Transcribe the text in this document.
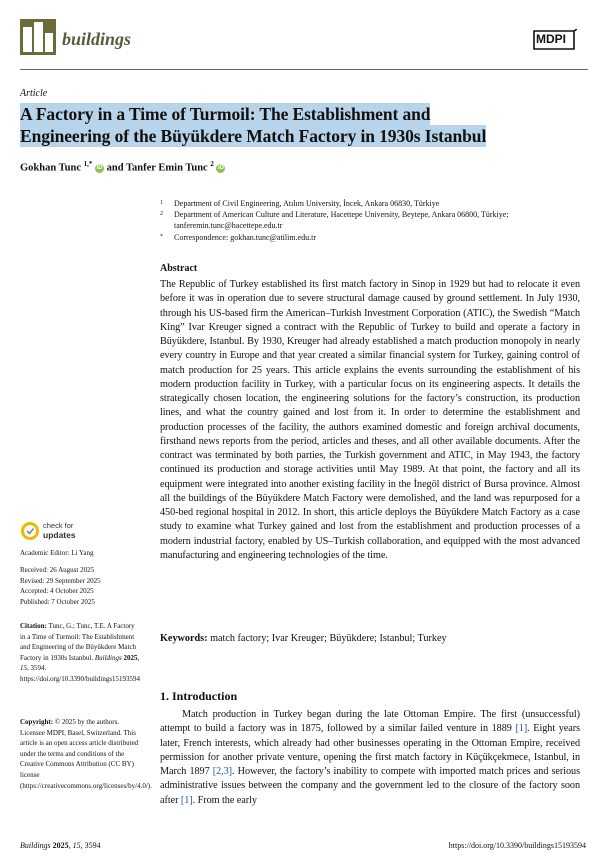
buildings	MDPI
Article
A Factory in a Time of Turmoil: The Establishment and
Engineering of the Büyükdere Match Factory in 1930s Istanbul
Gokhan Tunc $^{1,*}$ iD and Tanfer Emin Tunc $^2$ iD
1 Department of Civil Engineering, Atılım University, İncek, Ankara 06830, Türkiye
2 Department of American Culture and Literature, Hacettepe University, Beytepe, Ankara 06800, Türkiye; tanferemin.tunc@hacettepe.edu.tr
* Correspondence: gokhan.tunc@atilim.edu.tr
Abstract
The Republic of Turkey established its first match factory in Sinop in 1929 but had to relocate it even before it was in operation due to severe structural damage caused by ground settlement. In July 1930, through his US-based firm the American–Turkish Investment Corporation (ATIC), the Swedish “Match King” Ivar Kreuger signed a contract with the Republic of Turkey to build and operate a factory in Büyükdere, Istanbul. By 1930, Kreuger had already established a match production monopoly in nearly every country in Europe and that year created a similar financial system for Turkey, gaining control of match production for 25 years. This article explains the events surrounding the establishment of his modern production facility in Turkey, with a particular focus on its engineering aspects. It details the strategically chosen location, the engineering solutions for the factory’s construction, its production lines, and what the country gained and lost from it. In order to determine the establishment and production processes of the facility, the authors examined domestic and foreign archival documents, firsthand news reports from the period, articles and theses, and all other available documents. After the contract was terminated by both parties, the Turkish government and ATIC, in May 1943, the factory continued its production and storage activities until May 1989. At that point, the factory and all its equipment were integrated into another existing facility in the İnegöl district of Bursa province. Almost all the buildings of the Büyükdere Match Factory were demolished, and the land was repurposed for a 450-bed regional hospital in 2012. In short, this article deploys the Büyükdere Match Factory as a case study to examine what Turkey gained and lost from the establishment and production processes of a modern industrial factory, enabled by US–Turkish collaboration, and equipped with the most advanced manufacturing and engineering technologies of the time.
Keywords: match factory; Ivar Kreuger; Büyükdere; Istanbul; Turkey
1. Introduction
Match production in Turkey began during the late Ottoman Empire. The first (unsuccessful) attempt to build a factory was in 1875, followed by a similar failed venture in 1889 [1]. Eight years later, French interests, which already had other businesses operating in the Ottoman Empire, received permission for another private venture, opening the first match factory in Küçükçekmece, Istanbul, in March 1897 [2,3]. However, the factory’s inability to compete with imported match prices and serious administrative issues between the company and the government led to the closure of the factory soon after [1]. From the early
check for
updates
Academic Editor: Li Yang
Received: 26 August 2025
Revised: 29 September 2025
Accepted: 4 October 2025
Published: 7 October 2025
Citation: Tunc, G.; Tunc, T.E. A Factory in a Time of Turmoil: The Establishment and Engineering of the Büyükdere Match Factory in 1930s Istanbul. Buildings 2025, 15, 3594. https://doi.org/10.3390/buildings15193594
Copyright: © 2025 by the authors. Licensee MDPI, Basel, Switzerland. This article is an open access article distributed under the terms and conditions of the Creative Commons Attribution (CC BY) license (https://creativecommons.org/licenses/by/4.0/).
Buildings 2025, 15, 3594	https://doi.org/10.3390/buildings15193594
